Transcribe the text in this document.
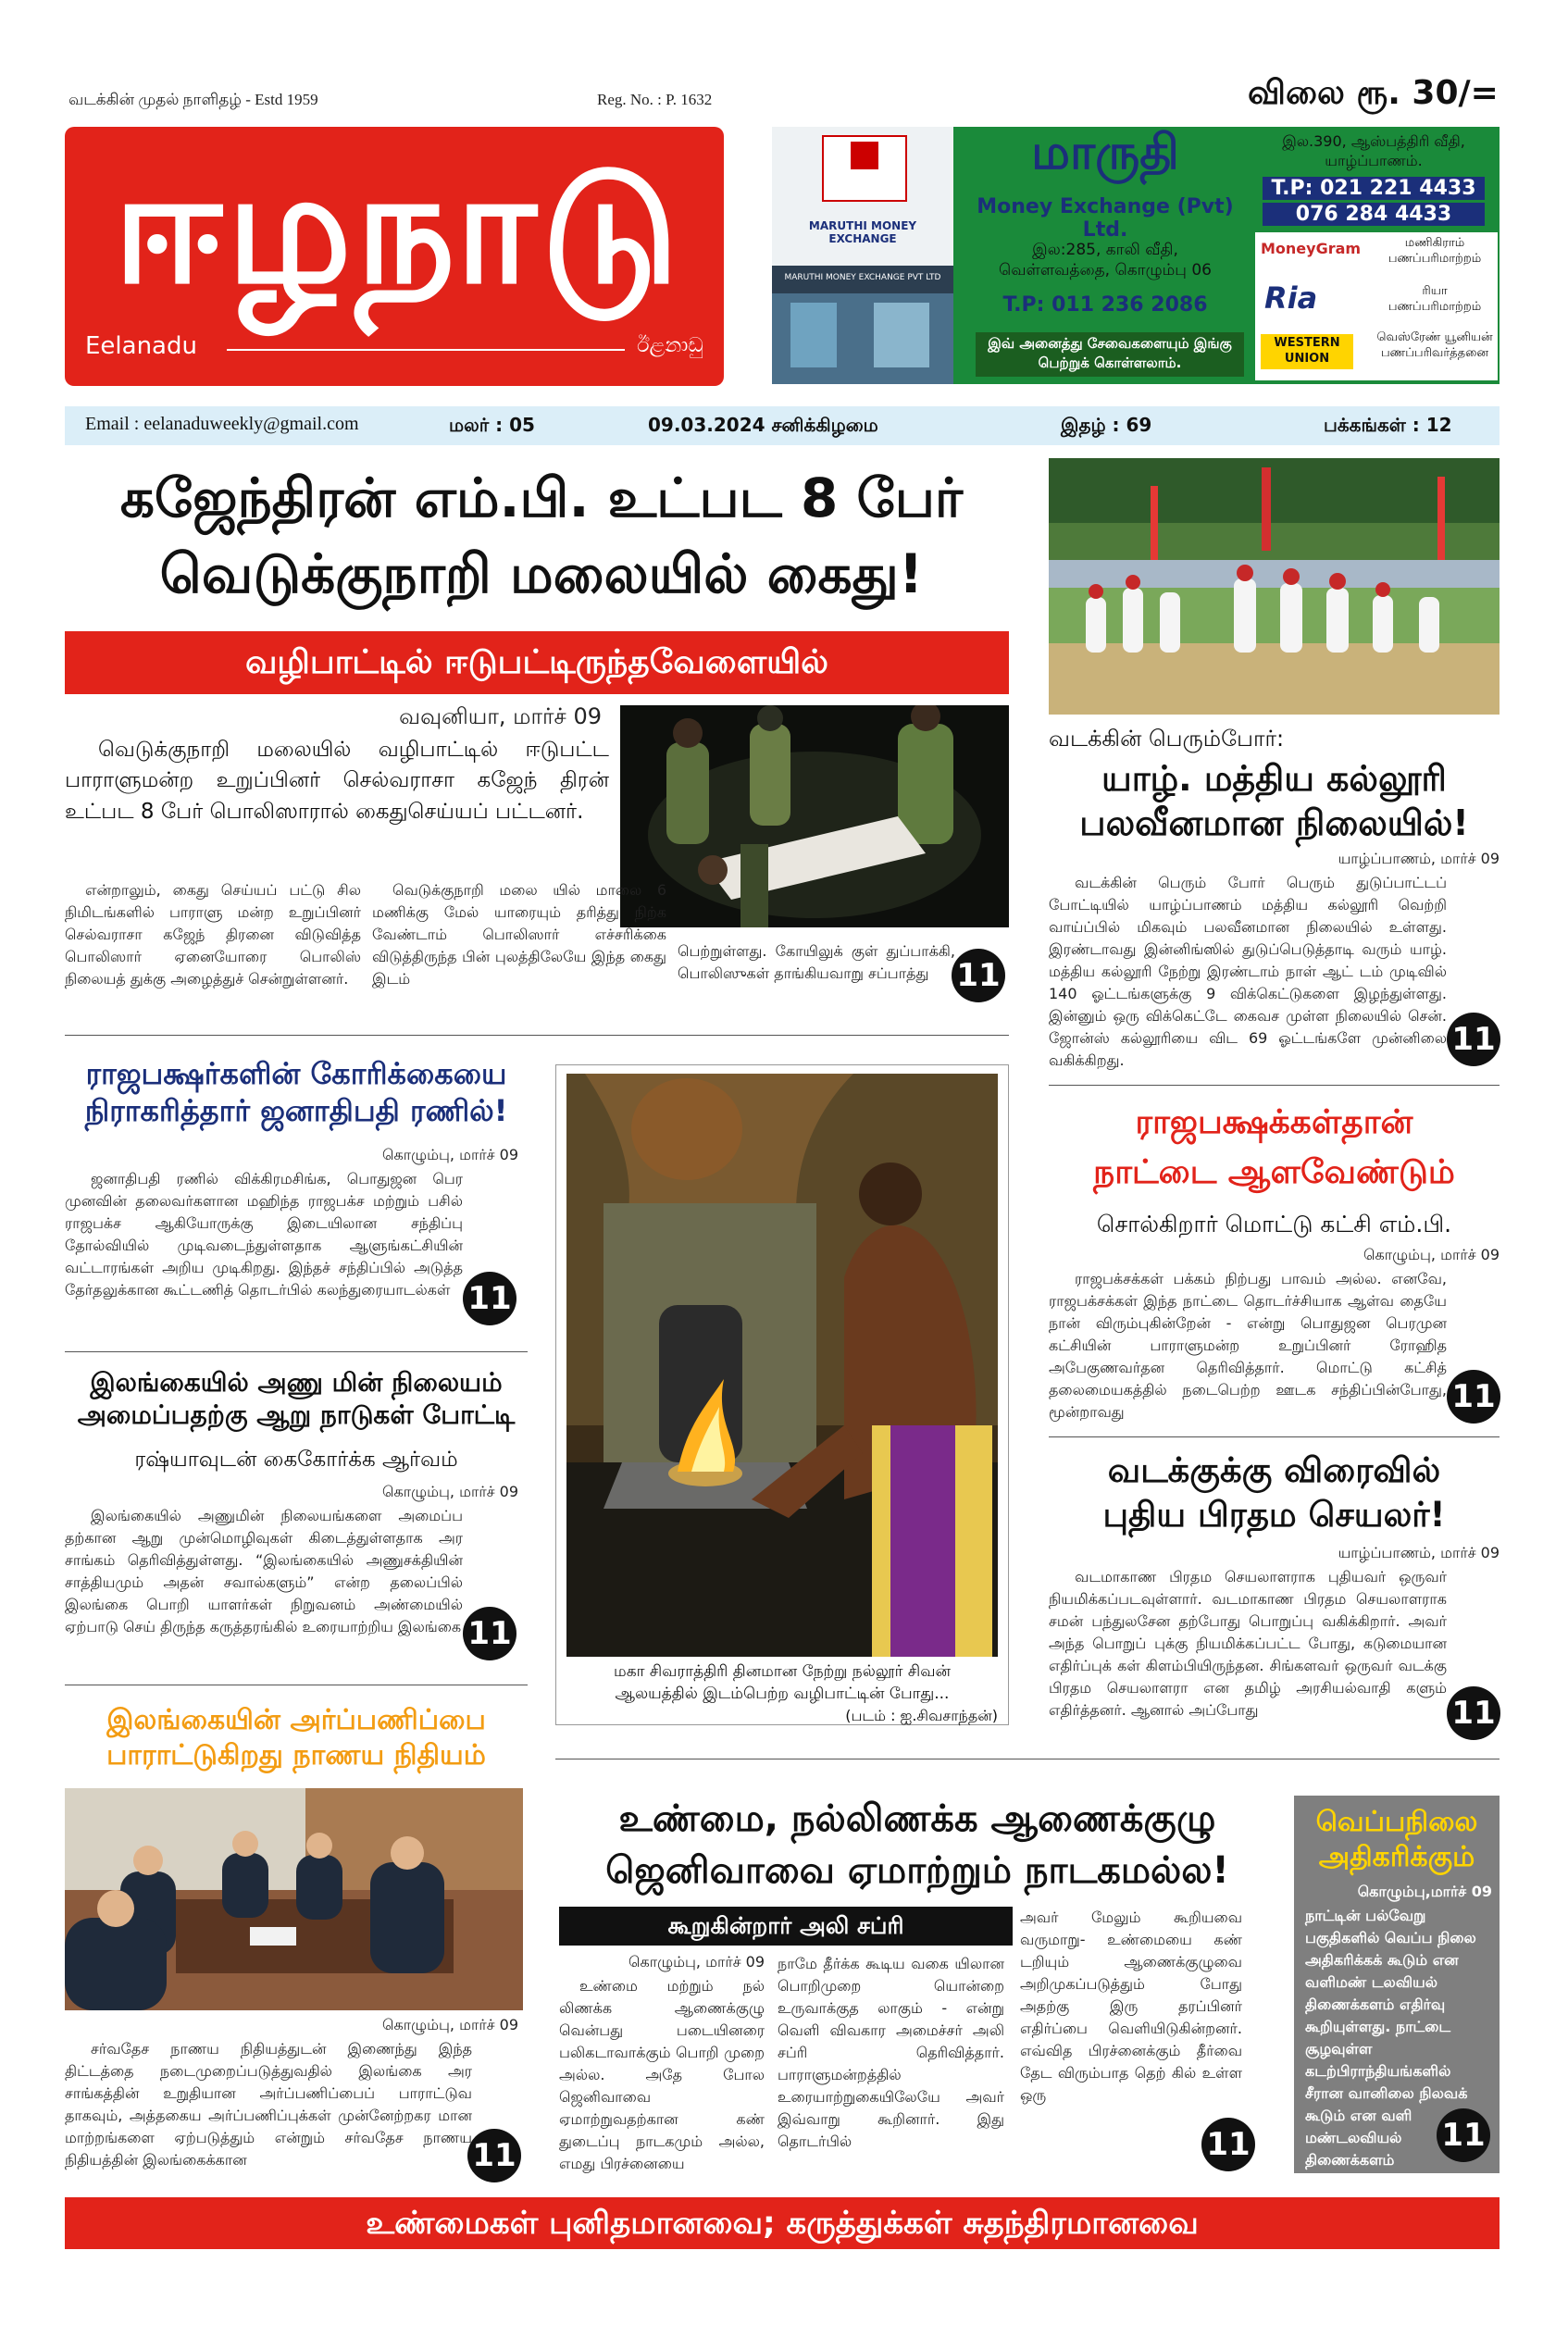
வடக்கின் முதல் நாளிதழ் - Estd 1959	Reg. No. : P. 1632	விலை ரூ. 30/=
ஈழநாடு
Eelanadu	ඊළනාඩු
MARUTHI MONEY EXCHANGE
MARUTHI MONEY EXCHANGE PVT LTD
மாருதி
Money Exchange (Pvt) Ltd.
இல:285, காலி வீதி, வெள்ளவத்தை, கொழும்பு 06
T.P: 011 236 2086
இவ் அனைத்து சேவைகளையும் இங்கு பெற்றுக் கொள்ளலாம்.
இல.390, ஆஸ்பத்திரி வீதி, யாழ்ப்பாணம்.
T.P: 021 221 4433
076 284 4433
MoneyGram	மணிகிராம் பணப்பரிமாற்றம்
Ria	ரியா பணப்பரிமாற்றம்
WESTERN UNION
வெஸ்ரேண் யூனியன் பணப்பரிவர்த்தனை
Email : eelanaduweekly@gmail.com	மலர் : 05	09.03.2024 சனிக்கிழமை	இதழ் : 69	பக்கங்கள் : 12
கஜேந்திரன் எம்.பி. உட்பட 8 பேர்
வெடுக்குநாறி மலையில் கைது!
வழிபாட்டில் ஈடுபட்டிருந்தவேளையில்
வவுனியா, மார்ச் 09
வெடுக்குநாறி மலையில் வழிபாட்டில் ஈடுபட்ட பாராளுமன்ற உறுப்பினர் செல்வராசா கஜேந் திரன் உட்பட 8 பேர் பொலிஸாரால் கைதுசெய்யப் பட்டனர்.
என்றாலும், கைது செய்யப் பட்டு சில நிமிடங்களில் பாராளு மன்ற உறுப்பினர் செல்வராசா கஜேந் திரனை விடுவித்த பொலிஸார் ஏனையோரை பொலிஸ் நிலையத் துக்கு அழைத்துச் சென்றுள்ளனர்.
வெடுக்குநாறி மலை யில் மாலை 6 மணிக்கு மேல் யாரையும் தரித்து நிற்க வேண்டாம் பொலிஸார் எச்சரிக்கை விடுத்திருந்த பின் புலத்திலேயே இந்த கைது இடம்
பெற்றுள்ளது. கோயிலுக் குள் துப்பாக்கி, பொலிஸுகள் தாங்கியவாறு சப்பாத்து 11
வடக்கின் பெரும்போர்:
யாழ். மத்திய கல்லூரி பலவீனமான நிலையில்!
யாழ்ப்பாணம், மார்ச் 09
வடக்கின் பெரும் போர் பெரும் துடுப்பாட்டப் போட்டியில் யாழ்ப்பாணம் மத்திய கல்லூரி வெற்றி வாய்ப்பில் மிகவும் பலவீனமான நிலையில் உள்ளது. இரண்டாவது இன்னிங்ஸில் துடுப்பெடுத்தாடி வரும் யாழ். மத்திய கல்லூரி நேற்று இரண்டாம் நாள் ஆட் டம் முடிவில் 140 ஓட்டங்களுக்கு 9 விக்கெட்டுகளை இழந்துள்ளது. இன்னும் ஒரு விக்கெட்டே கைவச முள்ள நிலையில் சென். ஜோன்ஸ் கல்லூரியை விட 69 ஓட்டங்களே முன்னிலை வகிக்கிறது.
11
ராஜபக்ஷர்களின் கோரிக்கையை நிராகரித்தார் ஜனாதிபதி ரணில்!
கொழும்பு, மார்ச் 09
ஜனாதிபதி ரணில் விக்கிரமசிங்க, பொதுஜன பெர முனவின் தலைவர்களான மஹிந்த ராஜபக்ச மற்றும் பசில் ராஜபக்ச ஆகியோருக்கு இடையிலான சந்திப்பு தோல்வியில் முடிவடைந்துள்ளதாக ஆளுங்கட்சியின் வட்டாரங்கள் அறிய முடிகிறது. இந்தச் சந்திப்பில் அடுத்த தேர்தலுக்கான கூட்டணித் தொடர்பில் கலந்துரையாடல்கள் 11
இலங்கையில் அணு மின் நிலையம் அமைப்பதற்கு ஆறு நாடுகள் போட்டி
ரஷ்யாவுடன் கைகோர்க்க ஆர்வம்
கொழும்பு, மார்ச் 09
இலங்கையில் அணுமின் நிலையங்களை அமைப்ப தற்கான ஆறு முன்மொழிவுகள் கிடைத்துள்ளதாக அர சாங்கம் தெரிவித்துள்ளது. “இலங்கையில் அணுசக்தியின் சாத்தியமும் அதன் சவால்களும்” என்ற தலைப்பில் இலங்கை பொறி யாளர்கள் நிறுவனம் அண்மையில் ஏற்பாடு செய் திருந்த கருத்தரங்கில் உரையாற்றிய இலங்கை 11
இலங்கையின் அர்ப்பணிப்பை பாராட்டுகிறது நாணய நிதியம்
கொழும்பு, மார்ச் 09
சர்வதேச நாணய நிதியத்துடன் இணைந்து இந்த திட்டத்தை நடைமுறைப்படுத்துவதில் இலங்கை அர சாங்கத்தின் உறுதியான அர்ப்பணிப்பைப் பாராட்டுவ தாகவும், அத்தகைய அர்ப்பணிப்புக்கள் முன்னேற்றகர மான மாற்றங்களை ஏற்படுத்தும் என்றும் சர்வதேச நாணய நிதியத்தின் இலங்கைக்கான	11
மகா சிவராத்திரி தினமான நேற்று நல்லூர் சிவன்
ஆலயத்தில் இடம்பெற்ற வழிபாட்டின் போது...
(படம் : ஐ.சிவசாந்தன்)
ராஜபக்ஷக்கள்தான்
நாட்டை ஆளவேண்டும்
சொல்கிறார் மொட்டு கட்சி எம்.பி.
கொழும்பு, மார்ச் 09
ராஜபக்சக்கள் பக்கம் நிற்பது பாவம் அல்ல. எனவே, ராஜபக்சக்கள் இந்த நாட்டை தொடர்ச்சியாக ஆள்வ தையே நான் விரும்புகின்றேன் - என்று பொதுஜன பெரமுன கட்சியின் பாராளுமன்ற உறுப்பினர் ரோஹித அபேகுணவர்தன தெரிவித்தார். மொட்டு கட்சித் தலைமையகத்தில் நடைபெற்ற ஊடக சந்திப்பின்போது, மூன்றாவது	11
வடக்குக்கு விரைவில்
புதிய பிரதம செயலர்!
யாழ்ப்பாணம், மார்ச் 09
வடமாகாண பிரதம செயலாளராக புதியவர் ஒருவர் நியமிக்கப்படவுள்ளார். வடமாகாண பிரதம செயலாளராக சமன் பந்துலசேன தற்போது பொறுப்பு வகிக்கிறார். அவர் அந்த பொறுப் புக்கு நியமிக்கப்பட்ட போது, கடுமையான எதிர்ப்புக் கள் கிளம்பியிருந்தன. சிங்களவர் ஒருவர் வடக்கு பிரதம செயலாளரா என தமிழ் அரசியல்வாதி களும் எதிர்த்தனர். ஆனால் அப்போது	11
உண்மை, நல்லிணக்க ஆணைக்குழு
ஜெனிவாவை ஏமாற்றும் நாடகமல்ல!
கூறுகின்றார் அலி சப்ரி
கொழும்பு, மார்ச் 09
உண்மை மற்றும் நல் லிணக்க ஆணைக்குழு வென்பது படையினரை பலிகடாவாக்கும் பொறி முறை அல்ல. அதே போல ஜெனிவாவை ஏமாற்றுவதற்கான கண் துடைப்பு நாடகமும் அல்ல, எமது பிரச்னையை
நாமே தீர்க்க கூடிய வகை யிலான பொறிமுறை யொன்றை உருவாக்குத லாகும் - என்று வெளி விவகார அமைச்சர் அலி சப்ரி தெரிவித்தார். பாராளுமன்றத்தில் உரையாற்றுகையிலேயே அவர் இவ்வாறு கூறினார். இது தொடர்பில்
அவர் மேலும் கூறியவை வருமாறு- உண்மையை கண் டறியும் ஆணைக்குழுவை அறிமுகப்படுத்தும் போது அதற்கு இரு தரப்பினர் எதிர்ப்பை வெளியிடுகின்றனர். எவ்வித பிரச்னைக்கும் தீர்வை தேட விரும்பாத தெற் கில் உள்ள ஒரு
11
வெப்பநிலை அதிகரிக்கும்
கொழும்பு,மார்ச் 09
நாட்டின் பல்வேறு பகுதிகளில் வெப்ப நிலை அதிகரிக்கக் கூடும் என வளிமண் டலவியல் திணைக்களம் எதிர்வு கூறியுள்ளது. நாட்டை சூழவுள்ள கடற்பிராந்தியங்களில் சீரான வானிலை நிலவக் கூடும் என வளி மண்டலவியல் திணைக்களம்
11
உண்மைகள் புனிதமானவை; கருத்துக்கள் சுதந்திரமானவை
